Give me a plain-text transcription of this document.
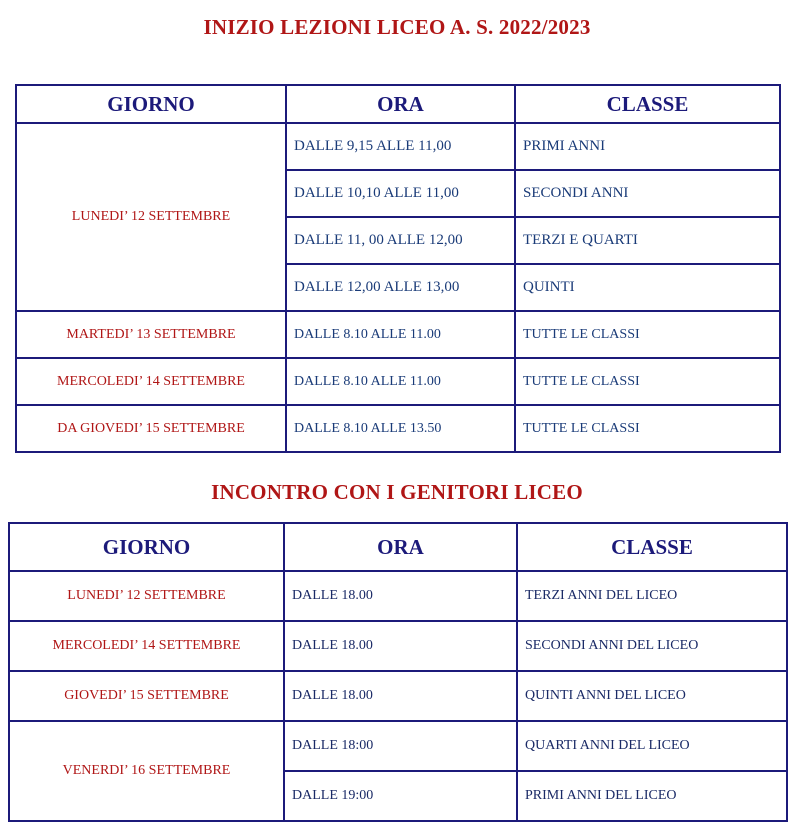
INIZIO LEZIONI LICEO A. S. 2022/2023
GIORNO	ORA	CLASSE
LUNEDI’ 12 SETTEMBRE	DALLE 9,15 ALLE 11,00	PRIMI ANNI
	DALLE 10,10 ALLE 11,00	SECONDI ANNI
	DALLE 11, 00 ALLE 12,00	TERZI E QUARTI
	DALLE 12,00 ALLE 13,00	QUINTI
MARTEDI’ 13 SETTEMBRE	DALLE 8.10 ALLE 11.00	TUTTE LE CLASSI
MERCOLEDI’ 14 SETTEMBRE	DALLE 8.10 ALLE 11.00	TUTTE LE CLASSI
DA GIOVEDI’ 15 SETTEMBRE	DALLE 8.10 ALLE 13.50	TUTTE LE CLASSI
INCONTRO CON I GENITORI LICEO
GIORNO	ORA	CLASSE
LUNEDI’ 12 SETTEMBRE	DALLE 18.00	TERZI ANNI DEL LICEO
MERCOLEDI’ 14 SETTEMBRE	DALLE 18.00	SECONDI ANNI DEL LICEO
GIOVEDI’ 15 SETTEMBRE	DALLE 18.00	QUINTI ANNI DEL LICEO
VENERDI’ 16 SETTEMBRE	DALLE 18:00	QUARTI ANNI DEL LICEO
	DALLE 19:00	PRIMI ANNI DEL LICEO
